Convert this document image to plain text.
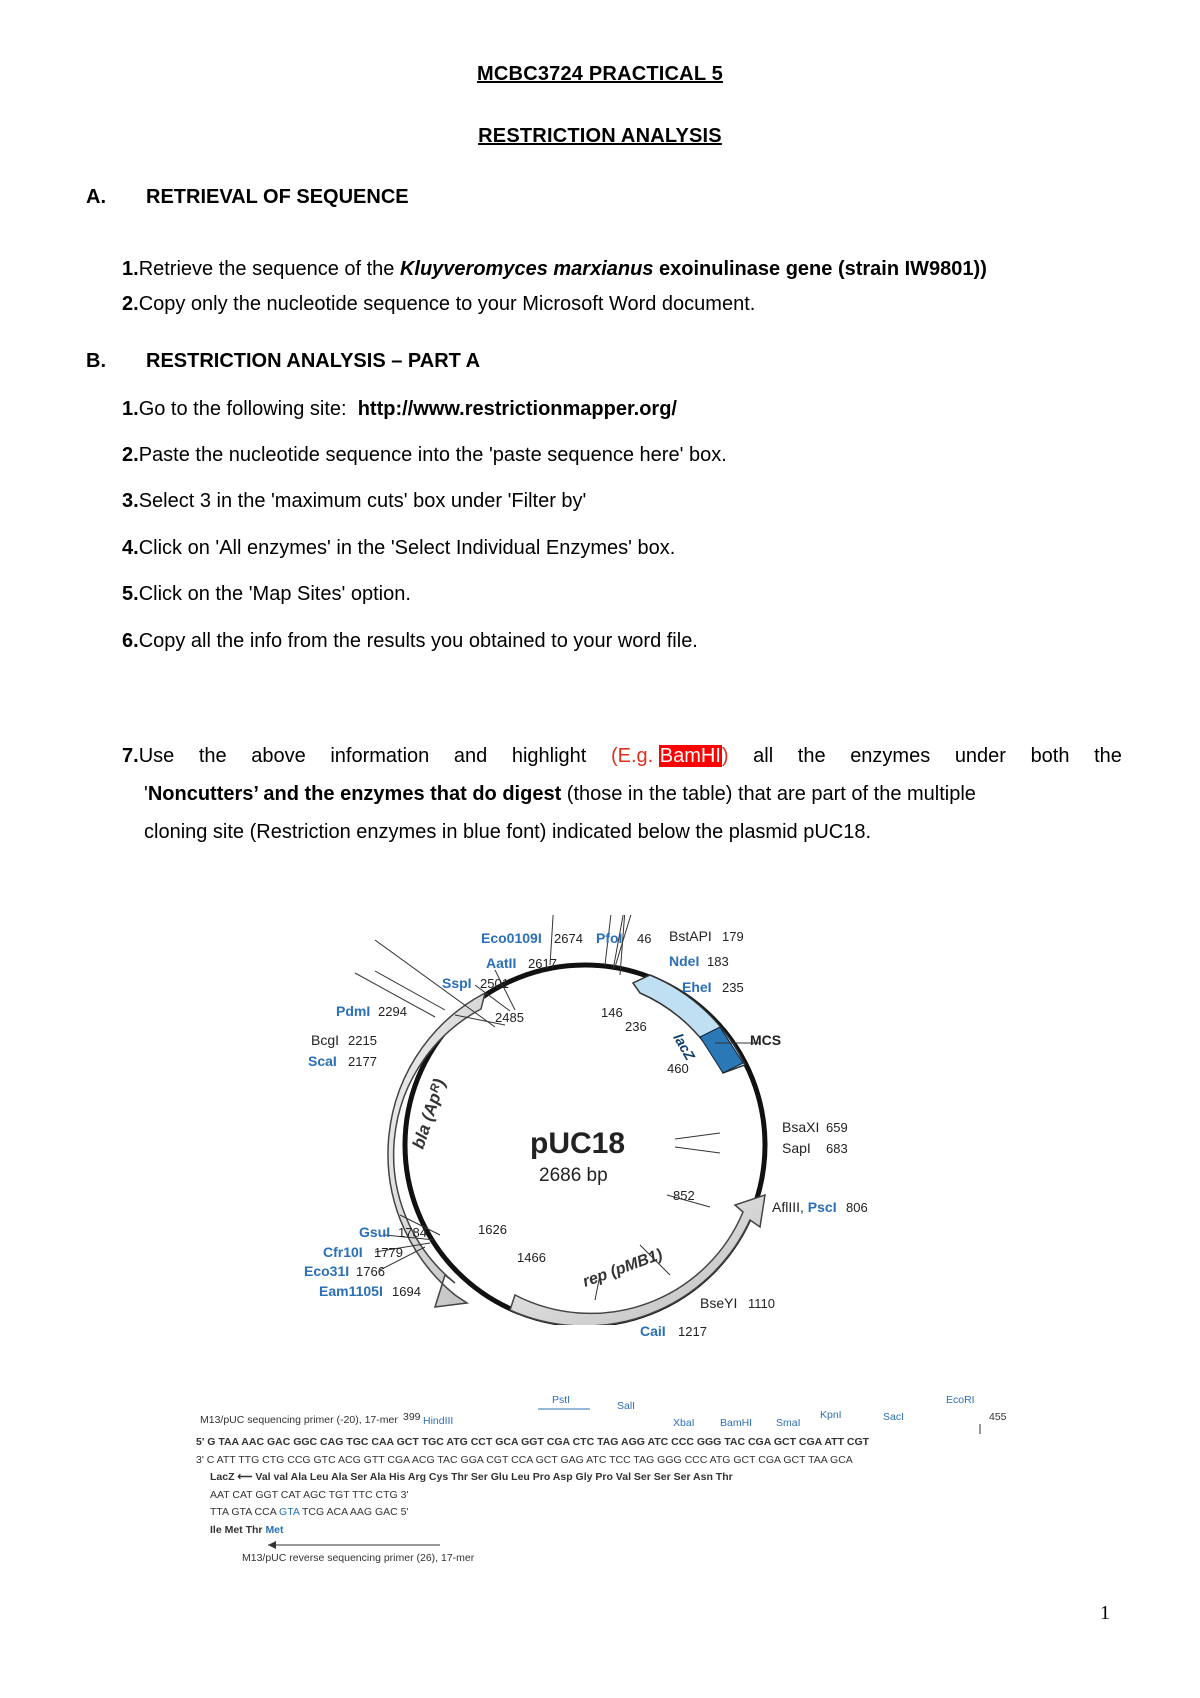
MCBC3724 PRACTICAL 5
RESTRICTION ANALYSIS
A. RETRIEVAL OF SEQUENCE
1.Retrieve the sequence of the Kluyveromyces marxianus exoinulinase gene (strain IW9801))
2.Copy only the nucleotide sequence to your Microsoft Word document.
B. RESTRICTION ANALYSIS – PART A
1.Go to the following site:  http://www.restrictionmapper.org/
2.Paste the nucleotide sequence into the 'paste sequence here' box.
3.Select 3 in the 'maximum cuts' box under 'Filter by'
4.Click on 'All enzymes' in the 'Select Individual Enzymes' box.
5.Click on the 'Map Sites' option.
6.Copy all the info from the results you obtained to your word file.
7.Use the above information and highlight (E.g. BamHI) all the enzymes under both the
'Noncutters’ and the enzymes that do digest (those in the table) that are part of the multiple
cloning site (Restriction enzymes in blue font) indicated below the plasmid pUC18.
pUC18
2686 bp
bla (Apᴿ)
rep (pMB1)
lacZ	MCS
2485	146
236
460
852
1626
1466
Eco0109I 2674 PfoI 46 BstAPI 179
AatII 2617	NdeI 183
SspI 2501	EheI 235
PdmI 2294
BcgI 2215
ScaI 2177
BsaXI 659
SapI 683
AflIII, PscI 806
GsuI 1784
Cfr10I 1779
Eco31I 1766
Eam1105I 1694
BseYI 1110
CaiI 1217
M13/pUC sequencing primer (-20), 17-mer 399	455
HindIII
PstI	SalI
XbaI BamHI SmaI
KpnI	SacI
EcoRI
5' G TAA AAC GAC GGC CAG TGC CAA GCT TGC ATG CCT GCA GGT CGA CTC TAG AGG ATC CCC GGG TAC CGA GCT CGA ATT CGT
3' C ATT TTG CTG CCG GTC ACG GTT CGA ACG TAC GGA CGT CCA GCT GAG ATC TCC TAG GGG CCC ATG GCT CGA GCT TAA GCA
LacZ ⟵ Val val Ala Leu Ala Ser Ala His Arg Cys Thr Ser Glu Leu Pro Asp Gly Pro Val Ser Ser Ser Asn Thr
AAT CAT GGT CAT AGC TGT TTC CTG 3'
TTA GTA CCA GTA TCG ACA AAG GAC 5'
Ile Met Thr Met
M13/pUC reverse sequencing primer (26), 17-mer
1
